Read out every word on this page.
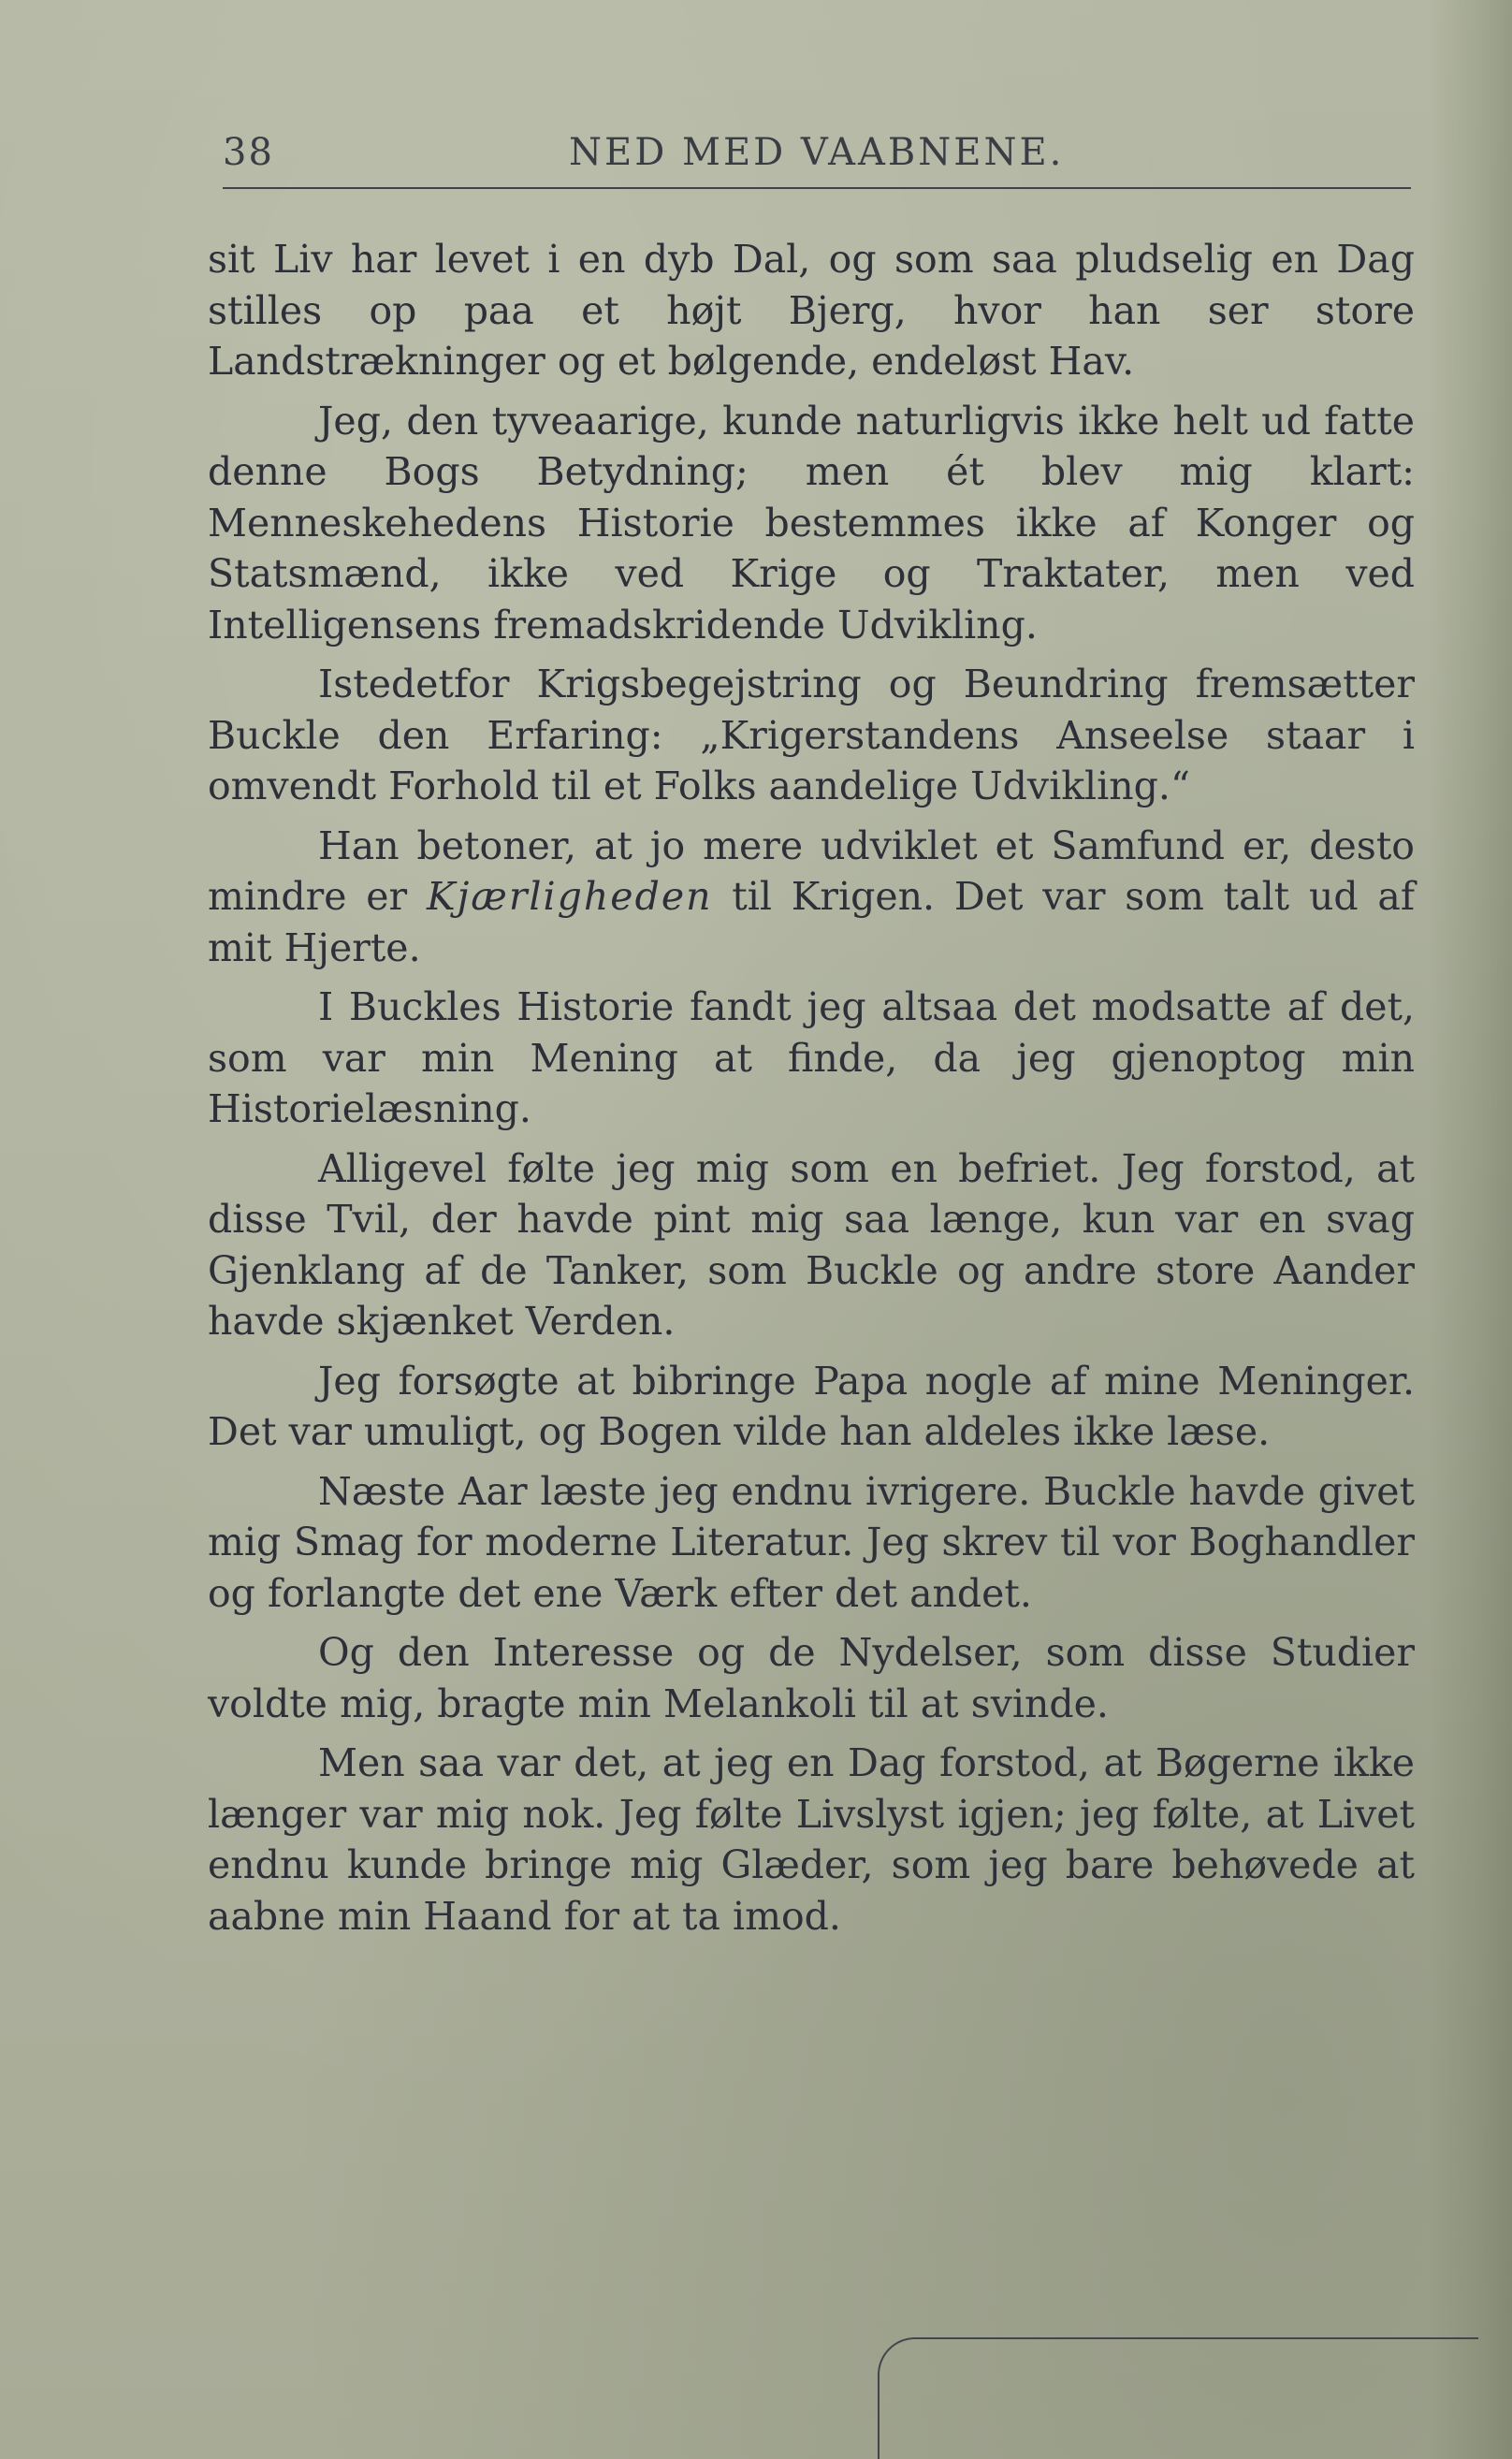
38	NED MED VAABNENE.

sit Liv har levet i en dyb Dal, og som saa pludselig en Dag stilles op paa et højt Bjerg, hvor han ser store Landstrækninger og et bølgende, endeløst Hav.

Jeg, den tyveaarige, kunde naturligvis ikke helt ud fatte denne Bogs Betydning; men ét blev mig klart: Menneskehedens Historie bestemmes ikke af Konger og Statsmænd, ikke ved Krige og Traktater, men ved Intelligensens fremadskridende Udvikling.

Istedetfor Krigsbegejstring og Beundring fremsætter Buckle den Erfaring: „Krigerstandens Anseelse staar i omvendt Forhold til et Folks aandelige Udvikling.“

Han betoner, at jo mere udviklet et Samfund er, desto mindre er Kjærligheden til Krigen. Det var som talt ud af mit Hjerte.

I Buckles Historie fandt jeg altsaa det modsatte af det, som var min Mening at finde, da jeg gjenoptog min Historielæsning.

Alligevel følte jeg mig som en befriet. Jeg forstod, at disse Tvil, der havde pint mig saa længe, kun var en svag Gjenklang af de Tanker, som Buckle og andre store Aander havde skjænket Verden.

Jeg forsøgte at bibringe Papa nogle af mine Meninger. Det var umuligt, og Bogen vilde han aldeles ikke læse.

Næste Aar læste jeg endnu ivrigere. Buckle havde givet mig Smag for moderne Literatur. Jeg skrev til vor Boghandler og forlangte det ene Værk efter det andet.

Og den Interesse og de Nydelser, som disse Studier voldte mig, bragte min Melankoli til at svinde.

Men saa var det, at jeg en Dag forstod, at Bøgerne ikke længer var mig nok. Jeg følte Livslyst igjen; jeg følte, at Livet endnu kunde bringe mig Glæder, som jeg bare behøvede at aabne min Haand for at ta imod.
